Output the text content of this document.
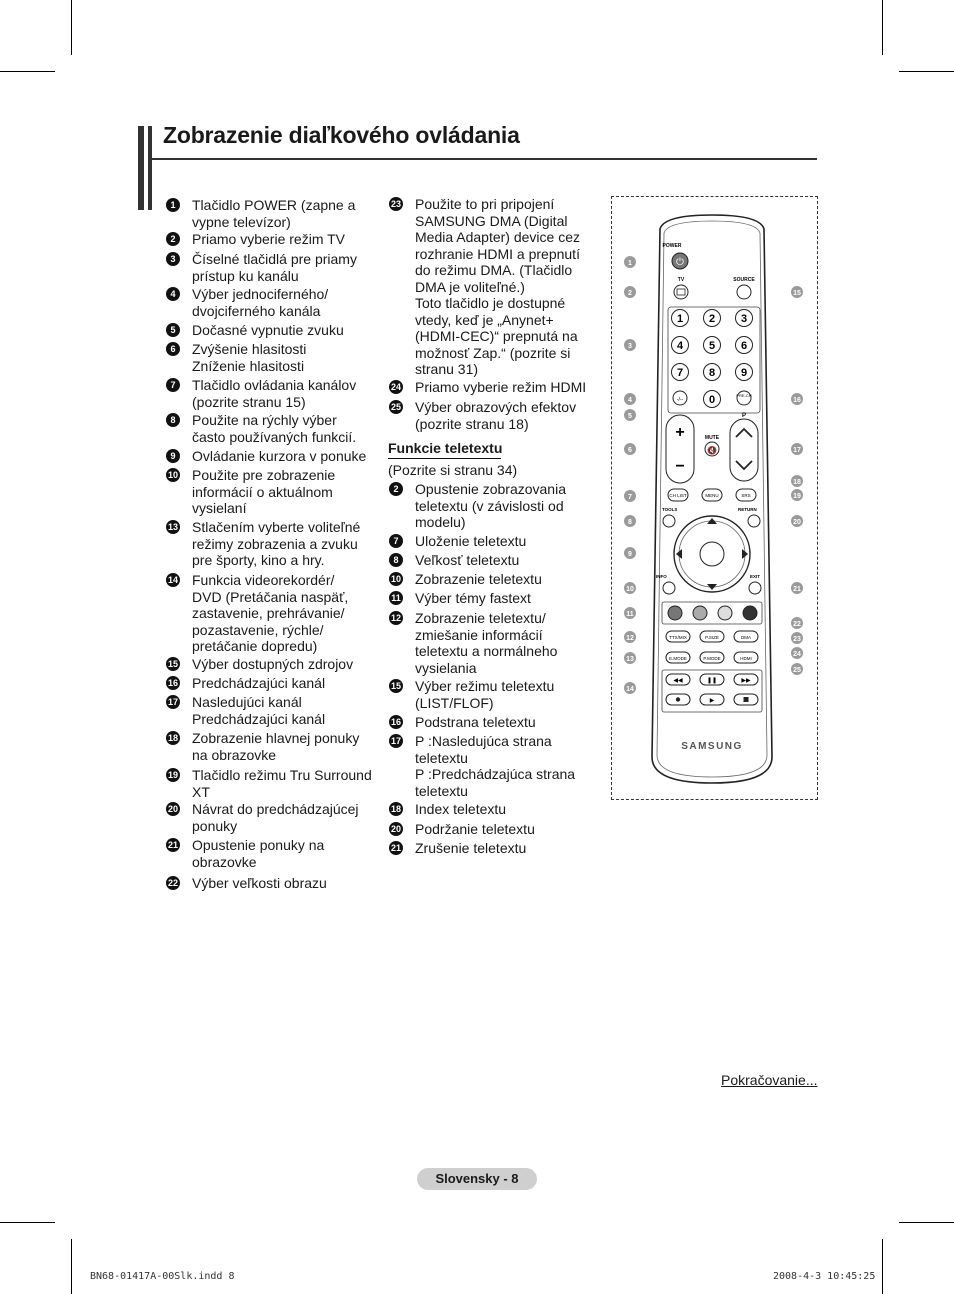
Zobrazenie diaľkového ovládania
1	Tlačidlo POWER (zapne a
vypne televízor)
2	Priamo vyberie režim TV
3	Číselné tlačidlá pre priamy
prístup ku kanálu
4	Výber jednociferného/
dvojciferného kanála
5	Dočasné vypnutie zvuku
6	Zvýšenie hlasitosti
Zníženie hlasitosti
7	Tlačidlo ovládania kanálov
(pozrite stranu 15)
8	Použite na rýchly výber
často používaných funkcií.
9	Ovládanie kurzora v ponuke
10 Použite pre zobrazenie
informácií o aktuálnom
vysielaní
13 Stlačením vyberte voliteľné
režimy zobrazenia a zvuku
pre športy, kino a hry.
14 Funkcia videorekordér/
DVD (Pretáčania naspäť,
zastavenie, prehrávanie/
pozastavenie, rýchle/
pretáčanie dopredu)
15 Výber dostupných zdrojov
16 Predchádzajúci kanál
17 Nasledujúci kanál
Predchádzajúci kanál
18 Zobrazenie hlavnej ponuky
na obrazovke
19 Tlačidlo režimu Tru Surround
XT
20 Návrat do predchádzajúcej
ponuky
21 Opustenie ponuky na
obrazovke
22 Výber veľkosti obrazu
23 Použite to pri pripojení
SAMSUNG DMA (Digital
Media Adapter) device cez
rozhranie HDMI a prepnutí
do režimu DMA. (Tlačidlo
DMA je voliteľné.)
Toto tlačidlo je dostupné
vtedy, keď je „Anynet+
(HDMI-CEC)“ prepnutá na
možnosť Zap.“ (pozrite si
stranu 31)
24 Priamo vyberie režim HDMI
25 Výber obrazových efektov
(pozrite stranu 18)
Funkcie teletextu
(Pozrite si stranu 34)
2	Opustenie zobrazovania
teletextu (v závislosti od
modelu)
7	Uloženie teletextu
8	Veľkosť teletextu
10 Zobrazenie teletextu
11 Výber témy fastext
12 Zobrazenie teletextu/
zmiešanie informácií
teletextu a normálneho
vysielania
15 Výber režimu teletextu
(LIST/FLOF)
16 Podstrana teletextu
17 P :Nasledujúca strana
teletextu
P :Predchádzajúca strana
teletextu
18 Index teletextu
20 Podržanie teletextu
21 Zrušenie teletextu
POWER
⏻
TV	SOURCE
1 2 3
4 5 6
7 8 9
0
+
−
MUTE
🔇
P
PRE-CH
-/--
CH LIST	MENU	SRS
TOOLS	RETURN
INFO	EXIT
TTX/MIX	P.SIZE	DMA
E.MODE	P.MODE	HDMI
◀◀	❚❚	▶▶
▶
SAMSUNG
1
2
3
4
5
6
7
8
9
10
11
12
13
14
15
16
17
18
19
20
21
22
23
24
25
Pokračovanie...
Slovensky - 8
BN68-01417A-00Slk.indd 8	2008-4-3 10:45:25
